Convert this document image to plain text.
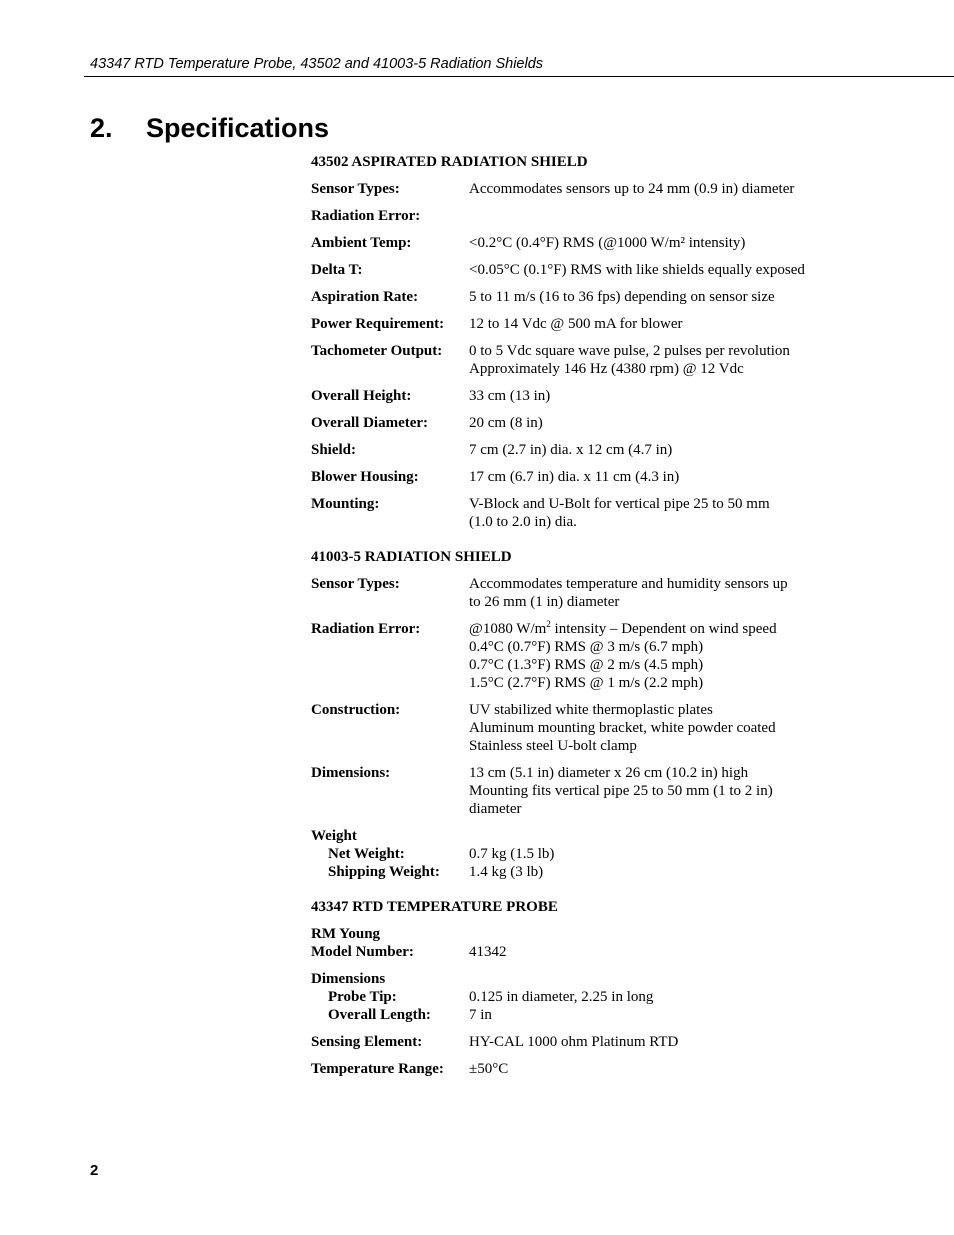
43347 RTD Temperature Probe, 43502 and 41003-5 Radiation Shields
2. Specifications
43502 ASPIRATED RADIATION SHIELD
Sensor Types:	Accommodates sensors up to 24 mm (0.9 in) diameter
Radiation Error:
Ambient Temp:	<0.2°C (0.4°F) RMS (@1000 W/m² intensity)
Delta T:	<0.05°C (0.1°F) RMS with like shields equally exposed
Aspiration Rate:	5 to 11 m/s (16 to 36 fps) depending on sensor size
Power Requirement:	12 to 14 Vdc @ 500 mA for blower
Tachometer Output:	0 to 5 Vdc square wave pulse, 2 pulses per revolution
Approximately 146 Hz (4380 rpm) @ 12 Vdc
Overall Height:	33 cm (13 in)
Overall Diameter:	20 cm (8 in)
Shield:	7 cm (2.7 in) dia. x 12 cm (4.7 in)
Blower Housing:	17 cm (6.7 in) dia. x 11 cm (4.3 in)
Mounting:	V-Block and U-Bolt for vertical pipe 25 to 50 mm
(1.0 to 2.0 in) dia.
41003-5 RADIATION SHIELD
Sensor Types:	Accommodates temperature and humidity sensors up
to 26 mm (1 in) diameter
Radiation Error:	@1080 $W/m^2$ intensity – Dependent on wind speed
0.4°C (0.7°F) RMS @ 3 m/s (6.7 mph)
0.7°C (1.3°F) RMS @ 2 m/s (4.5 mph)
1.5°C (2.7°F) RMS @ 1 m/s (2.2 mph)
Construction:	UV stabilized white thermoplastic plates
Aluminum mounting bracket, white powder coated
Stainless steel U-bolt clamp
Dimensions:	13 cm (5.1 in) diameter x 26 cm (10.2 in) high
Mounting fits vertical pipe 25 to 50 mm (1 to 2 in)
diameter
Weight
Net Weight:	0.7 kg (1.5 lb)
Shipping Weight:	1.4 kg (3 lb)
43347 RTD TEMPERATURE PROBE
RM Young
Model Number:	41342
Dimensions
Probe Tip:	0.125 in diameter, 2.25 in long
Overall Length:	7 in
Sensing Element:	HY-CAL 1000 ohm Platinum RTD
Temperature Range:	±50°C
2
